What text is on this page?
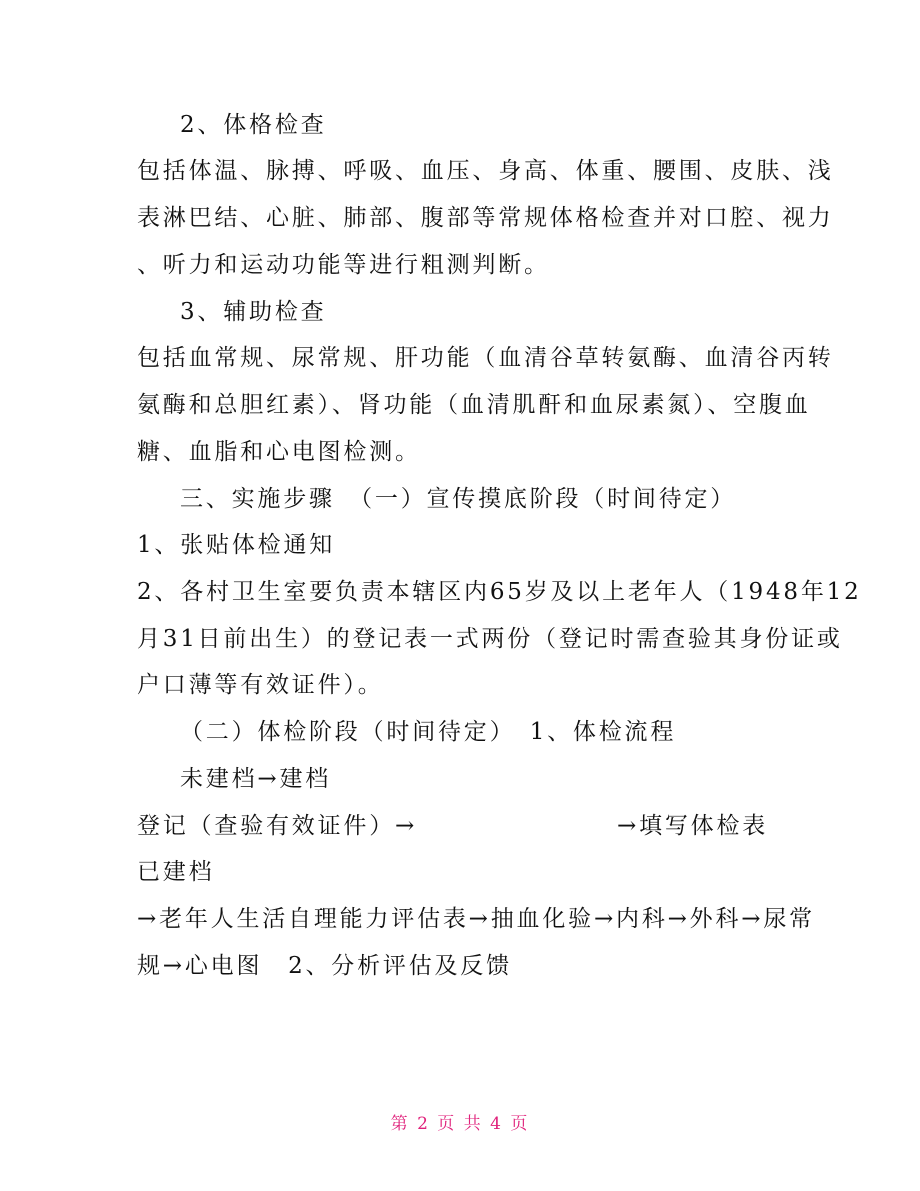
2、体格检查
包括体温、脉搏、呼吸、血压、身高、体重、腰围、皮肤、浅
表淋巴结、心脏、肺部、腹部等常规体格检查并对口腔、视力
、听力和运动功能等进行粗测判断。
3、辅助检查
包括血常规、尿常规、肝功能（血清谷草转氨酶、血清谷丙转
氨酶和总胆红素）、肾功能（血清肌酐和血尿素氮）、空腹血
糖、血脂和心电图检测。
三、实施步骤　（一）宣传摸底阶段（时间待定）
1、张贴体检通知
2、各村卫生室要负责本辖区内65岁及以上老年人（1948年12
月31日前出生）的登记表一式两份（登记时需查验其身份证或
户口薄等有效证件）。
（二）体检阶段（时间待定）　1、体检流程
未建档→建档
登记（查验有效证件）→	→填写体检表
已建档
→老年人生活自理能力评估表→抽血化验→内科→外科→尿常
规→心电图　2、分析评估及反馈
第 2 页 共 4 页
